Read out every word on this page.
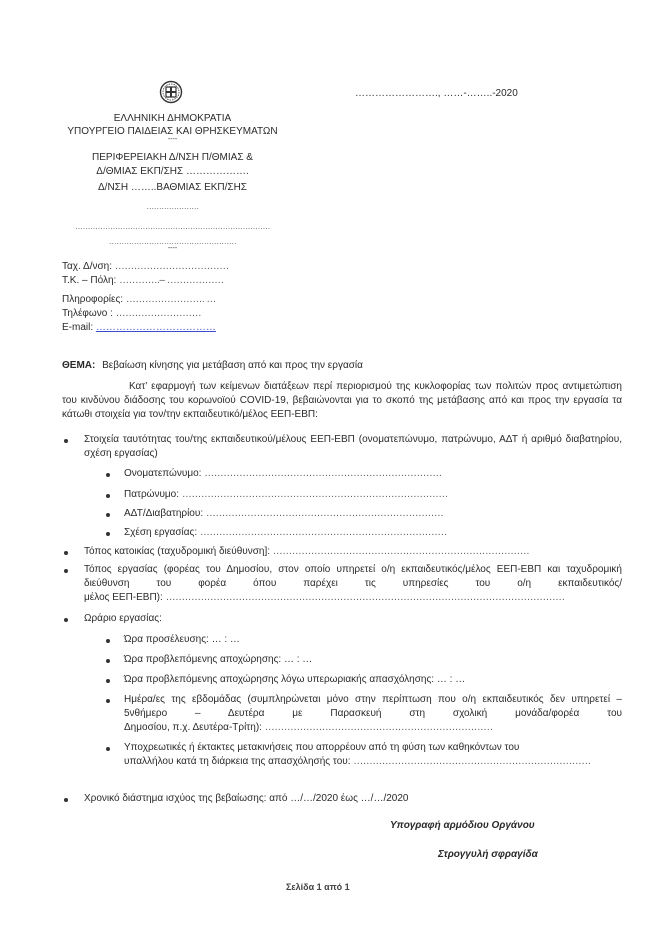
ΕΛΛΗΝΙΚΗ ΔΗΜΟΚΡΑΤΙΑ
ΥΠΟΥΡΓΕΙΟ ΠΑΙΔΕΙΑΣ ΚΑΙ ΘΡΗΣΚΕΥΜΑΤΩΝ
----
ΠΕΡΙΦΕΡΕΙΑΚΗ Δ/ΝΣΗ Π/ΘΜΙΑΣ &
Δ/ΘΜΙΑΣ ΕΚΠ/ΣΗΣ ……………….
Δ/ΝΣΗ ……..ΒΑΘΜΙΑΣ ΕΚΠ/ΣΗΣ
…………………
……………………………………………………………………
……………………………………………
----
……………………., ……-……..-2020
Ταχ. Δ/νση: ………………………………
Τ.Κ. – Πόλη: ………….– ………………
Πληροφορίες: ……………………. …
Τηλέφωνο : ………………………
E-mail: ………………………………
ΘΕΜΑ: Βεβαίωση κίνησης για μετάβαση από και προς την εργασία
Κατ’ εφαρμογή των κείμενων διατάξεων περί περιορισμού της κυκλοφορίας των πολιτών προς αντιμετώπιση του κινδύνου διάδοσης του κορωνοϊού COVID-19, βεβαιώνονται για το σκοπό της μετάβασης από και προς την εργασία τα κάτωθι στοιχεία για τον/την εκπαιδευτικό/μέλος ΕΕΠ-ΕΒΠ:
Στοιχεία ταυτότητας του/της εκπαιδευτικού/μέλους ΕΕΠ-ΕΒΠ (ονοματεπώνυμο, πατρώνυμο, ΑΔΤ ή αριθμό διαβατηρίου, σχέση εργασίας)
Ονοματεπώνυμο: …………………………………………………………………
Πατρώνυμο: …………………………………………………………………………
ΑΔΤ/Διαβατηρίου: …………………………………………………………………
Σχέση εργασίας: ……………………………………………………………………
Τόπος κατοικίας (ταχυδρομική διεύθυνση]: ………………………………………………………………………
Τόπος εργασίας (φορέας του Δημοσίου, στον οποίο υπηρετεί ο/η εκπαιδευτικός/μέλος ΕΕΠ-ΕΒΠ και ταχυδρομική διεύθυνση του φορέα όπου παρέχει τις υπηρεσίες του ο/η εκπαιδευτικός/
μέλος ΕΕΠ-ΕΒΠ): ………………………………………………………………………………………………………………
Ωράριο εργασίας:
Ώρα προσέλευσης: … : …
Ώρα προβλεπόμενης αποχώρησης: … : …
Ώρα προβλεπόμενης αποχώρησης λόγω υπερωριακής απασχόλησης: … : …
Ημέρα/ες της εβδομάδας (συμπληρώνεται μόνο στην περίπτωση που ο/η εκπαιδευτικός δεν υπηρετεί – 5νθήμερο – Δευτέρα με Παρασκευή στη σχολική μονάδα/φορέα του
Δημοσίου, π.χ. Δευτέρα-Τρίτη): ………………………………………………………………
Υποχρεωτικές ή έκτακτες μετακινήσεις που απορρέουν από τη φύση των καθηκόντων του
υπαλλήλου κατά τη διάρκεια της απασχόλησής του: …………………………………………………………………
Χρονικό διάστημα ισχύος της βεβαίωσης: από …/…/2020 έως …/…/2020
Υπογραφή αρμόδιου Οργάνου
Στρογγυλή σφραγίδα
Σελίδα 1 από 1
